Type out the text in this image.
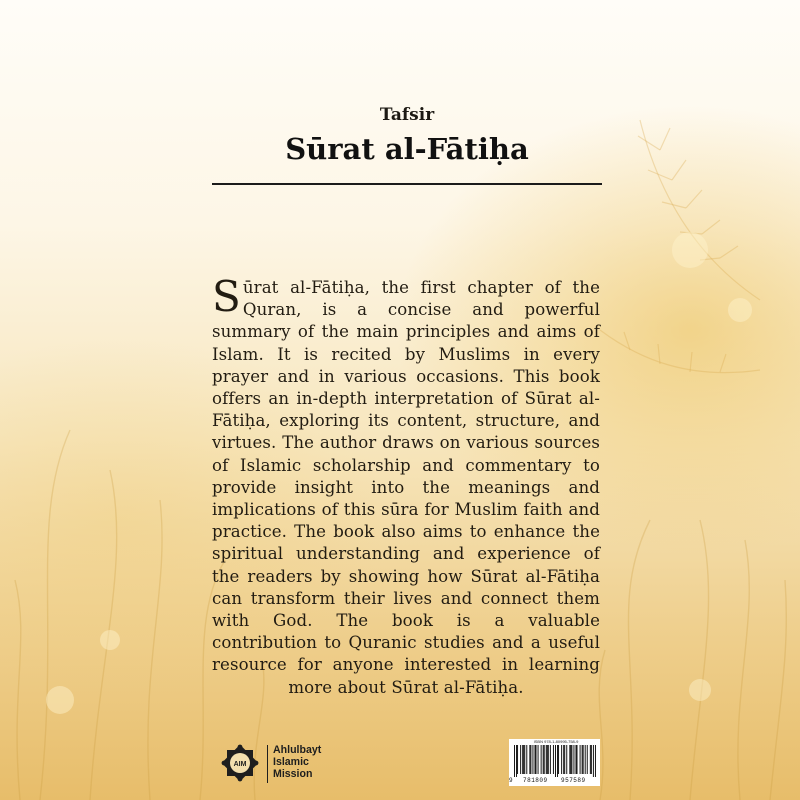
Tafsir
Sūrat al-Fātiḥa
Sūrat al-Fātiḥa, the first chapter of the Quran, is a concise and powerful summary of the main principles and aims of Islam. It is recited by Muslims in every prayer and in various occasions. This book offers an in-depth interpretation of Sūrat al-Fātiḥa, exploring its content, structure, and virtues. The author draws on various sources of Islamic scholarship and commentary to provide insight into the meanings and implications of this sūra for Muslim faith and practice. The book also aims to enhance the spiritual understanding and experience of the readers by showing how Sūrat al-Fātiḥa can transform their lives and connect them with God. The book is a valuable contribution to Quranic studies and a useful resource for anyone interested in learning more about Sūrat al-Fātiḥa.
AIM
Ahlulbayt
Islamic
Mission
ISBN 978-1-80995-758-9
9 781809 957589
